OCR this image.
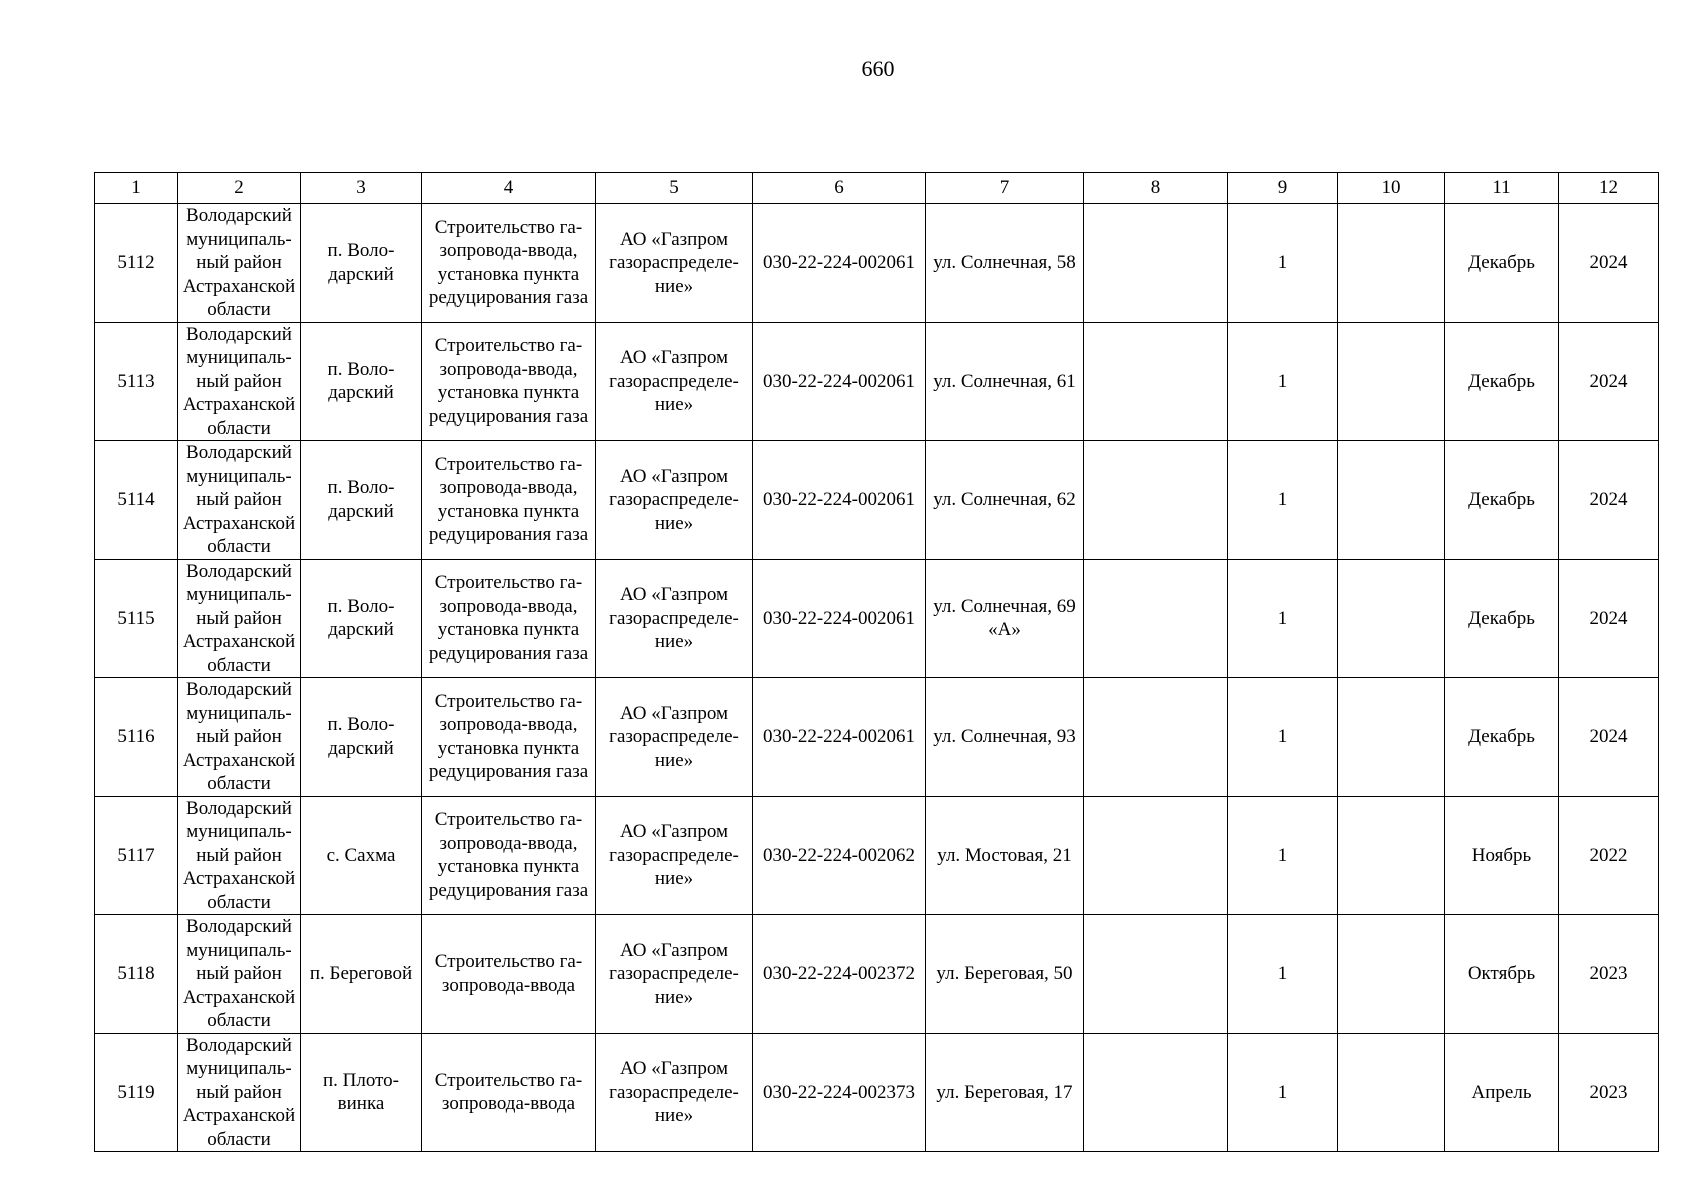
660
1	2	3	4	5	6	7	8	9	10	11	12
5112	Володарский
муниципаль-
ный район
Астраханской
области	п. Воло-
дарский	Строительство га-
зопровода-ввода,
установка пункта
редуцирования газа	АО «Газпром
газораспределе-
ние»	030-22-224-002061	ул. Солнечная, 58		1		Декабрь	2024
5113	Володарский
муниципаль-
ный район
Астраханской
области	п. Воло-
дарский	Строительство га-
зопровода-ввода,
установка пункта
редуцирования газа	АО «Газпром
газораспределе-
ние»	030-22-224-002061	ул. Солнечная, 61		1		Декабрь	2024
5114	Володарский
муниципаль-
ный район
Астраханской
области	п. Воло-
дарский	Строительство га-
зопровода-ввода,
установка пункта
редуцирования газа	АО «Газпром
газораспределе-
ние»	030-22-224-002061	ул. Солнечная, 62		1		Декабрь	2024
5115	Володарский
муниципаль-
ный район
Астраханской
области	п. Воло-
дарский	Строительство га-
зопровода-ввода,
установка пункта
редуцирования газа	АО «Газпром
газораспределе-
ние»	030-22-224-002061	ул. Солнечная, 69
«А»		1		Декабрь	2024
5116	Володарский
муниципаль-
ный район
Астраханской
области	п. Воло-
дарский	Строительство га-
зопровода-ввода,
установка пункта
редуцирования газа	АО «Газпром
газораспределе-
ние»	030-22-224-002061	ул. Солнечная, 93		1		Декабрь	2024
5117	Володарский
муниципаль-
ный район
Астраханской
области	с. Сахма	Строительство га-
зопровода-ввода,
установка пункта
редуцирования газа	АО «Газпром
газораспределе-
ние»	030-22-224-002062	ул. Мостовая, 21		1		Ноябрь	2022
5118	Володарский
муниципаль-
ный район
Астраханской
области	п. Береговой	Строительство га-
зопровода-ввода	АО «Газпром
газораспределе-
ние»	030-22-224-002372	ул. Береговая, 50		1		Октябрь	2023
5119	Володарский
муниципаль-
ный район
Астраханской
области	п. Плото-
винка	Строительство га-
зопровода-ввода	АО «Газпром
газораспределе-
ние»	030-22-224-002373	ул. Береговая, 17		1		Апрель	2023
